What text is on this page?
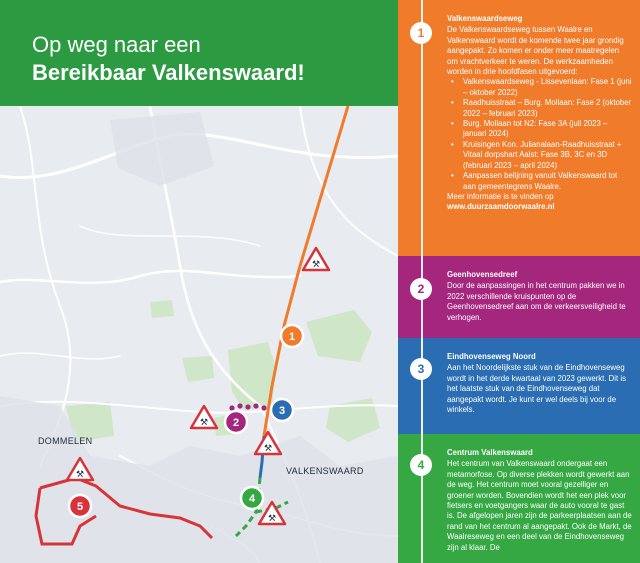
Op weg naar een
Bereikbaar Valkenswaard!
⚒
⚒
⚒
⚒
⚒
1
2
3
4
5
DOMMELEN
VALKENSWAARD
1
Valkenswaardseweg
De Valkenswaardseweg tussen Waalre en Valkenswaard wordt de komende twee jaar grondig aangepakt. Zo komen er onder meer maatregelen om vrachtverkeer te weren. De werkzaamheden worden in drie hoofdfasen uitgevoerd:
• Valkenswaardseweg - Lissevenlaan: Fase 1 (juni – oktober 2022)
• Raadhuisstraat – Burg. Mollaan: Fase 2 (oktober 2022 – februari 2023)
• Burg. Mollaan tot N2: Fase 3A (juli 2023 – januari 2024)
• Kruisingen Kon. Julianalaan-Raadhuisstraat + Vitaal dorpshart Aalst: Fase 3B, 3C en 3D (februari 2023 – april 2024)
• Aanpassen belijning vanuit Valkenswaard tot aan gemeentegrens Waalre.
Meer informatie is te vinden op
www.duurzaamdoorwaalre.nl
2
Geenhovensedreef
Door de aanpassingen in het centrum pakken we in 2022 verschillende kruispunten op de Geenhovensedreef aan om de verkeersveiligheid te verhogen.
3
Eindhovenseweg Noord
Aan het Noordelijkste stuk van de Eindhovenseweg wordt in het derde kwartaal van 2023 gewerkt. Dit is het laatste stuk van de Eindhovenseweg dat aangepakt wordt. Je kunt er wel deels bij voor de winkels.
4
Centrum Valkenswaard
Het centrum van Valkenswaard ondergaat een metamorfose. Op diverse plekken wordt gewerkt aan de weg. Het centrum moet vooral gezelliger en groener worden. Bovendien wordt het een plek voor fietsers en voetgangers waar de auto vooral te gast is. De afgelopen jaren zijn de parkeerplaatsen aan de rand van het centrum al aangepakt. Ook de Markt, de Waalreseweg en een deel van de Eindhovenseweg zijn al klaar. De
